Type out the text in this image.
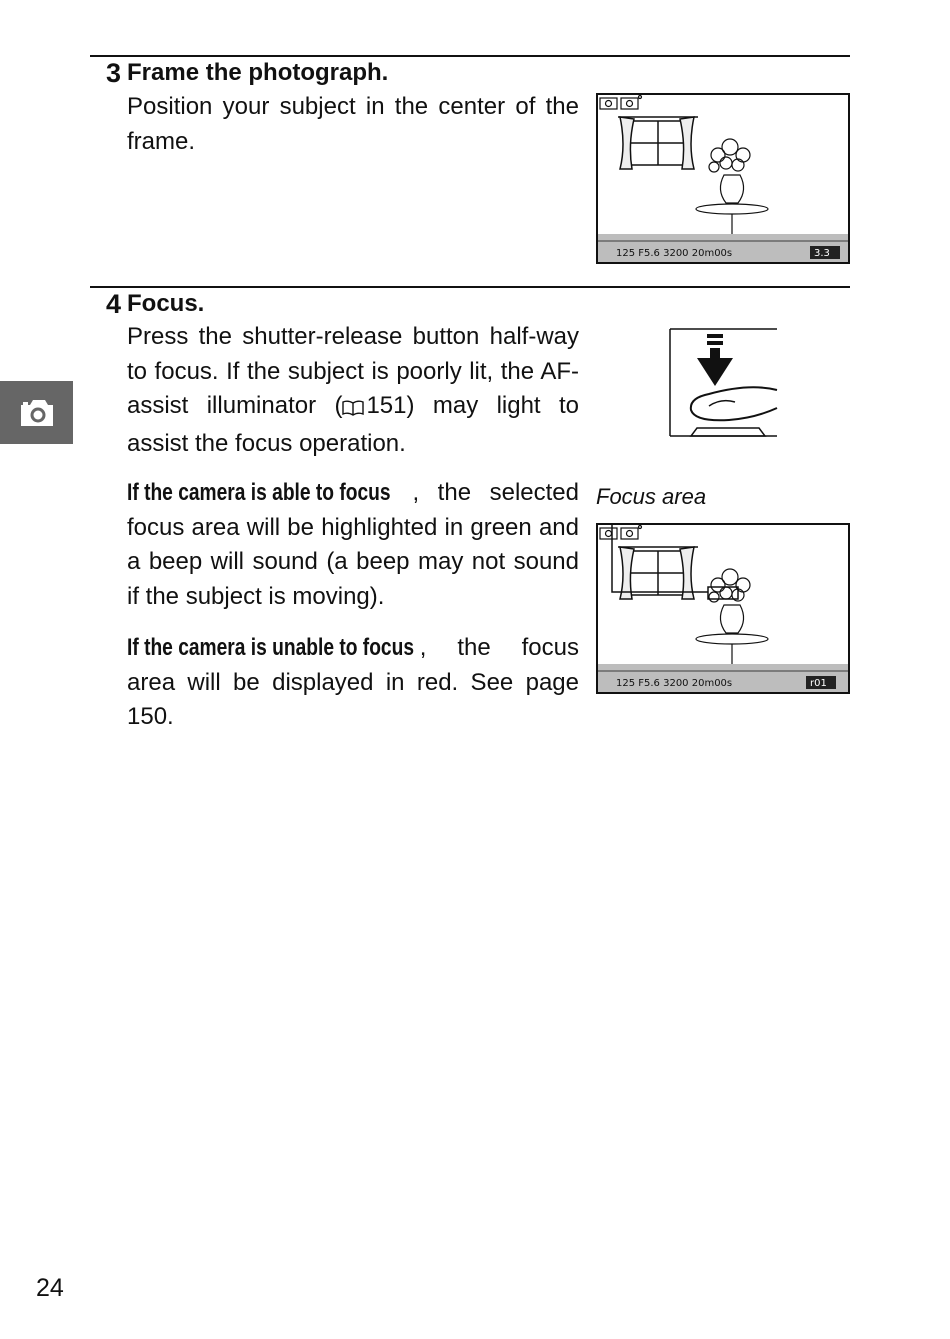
3 Frame the photograph.

Position your subject in the center of the frame.

125 F5.6 3200 20m00s	3.3
4 Focus.

Press the shutter-release button half-way to focus. If the subject is poorly lit, the AF-assist illuminator ( 151) may light to assist the focus operation.

If the camera is able to focus , the selected focus area will be highlighted in green and a beep will sound (a beep may not sound if the subject is moving).

If the camera is unable to focus , the focus area will be displayed in red. See page 150.

Focus area
125 F5.6 3200 20m00s	r01
24
